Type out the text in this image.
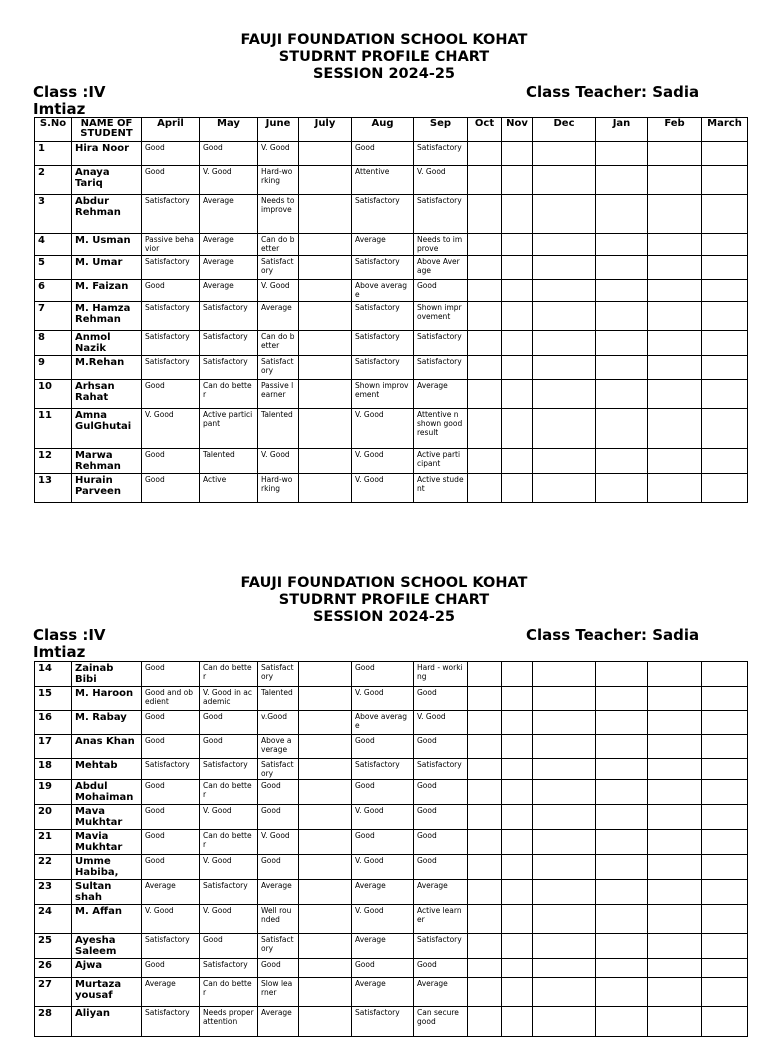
FAUJI FOUNDATION SCHOOL KOHAT
STUDRNT PROFILE CHART
SESSION 2024-25
Class :IV	Class Teacher: Sadia
Imtiaz
S.No	NAME OF STUDENT	April	May	June	July	Aug	Sep	Oct	Nov	Dec	Jan	Feb	March
1	Hira Noor	Good	Good	V. Good		Good	Satisfactory						
2	Anaya Tariq	Good	V. Good	Hard-working		Attentive	V. Good						
3	Abdur Rehman	Satisfactory	Average	Needs to improve		Satisfactory	Satisfactory						
4	M. Usman	Passive behavior	Average	Can do better		Average	Needs to improve						
5	M. Umar	Satisfactory	Average	Satisfactory		Satisfactory	Above Average						
6	M. Faizan	Good	Average	V. Good		Above average	Good						
7	M. Hamza Rehman	Satisfactory	Satisfactory	Average		Satisfactory	Shown improvement						
8	Anmol Nazik	Satisfactory	Satisfactory	Can do better		Satisfactory	Satisfactory						
9	M.Rehan	Satisfactory	Satisfactory	Satisfactory		Satisfactory	Satisfactory						
10	Arhsan Rahat	Good	Can do better	Passive learner		Shown improvement	Average						
11	Amna GulGhutai	V. Good	Active participant	Talented		V. Good	Attentive n shown good result						
12	Marwa Rehman	Good	Talented	V. Good		V. Good	Active participant						
13	Hurain Parveen	Good	Active	Hard-working		V. Good	Active student						
FAUJI FOUNDATION SCHOOL KOHAT
STUDRNT PROFILE CHART
SESSION 2024-25
Class :IV	Class Teacher: Sadia
Imtiaz
14	Zainab Bibi	Good	Can do better	Satisfactory		Good	Hard - working						
15	M. Haroon	Good and obedient	V. Good in academic	Talented		V. Good	Good						
16	M. Rabay	Good	Good	v.Good		Above average	V. Good						
17	Anas Khan	Good	Good	Above average		Good	Good						
18	Mehtab	Satisfactory	Satisfactory	Satisfactory		Satisfactory	Satisfactory						
19	Abdul Mohaiman	Good	Can do better	Good		Good	Good						
20	Mava Mukhtar	Good	V. Good	Good		V. Good	Good						
21	Mavia Mukhtar	Good	Can do better	V. Good		Good	Good						
22	Umme Habiba,	Good	V. Good	Good		V. Good	Good						
23	Sultan shah	Average	Satisfactory	Average		Average	Average						
24	M. Affan	V. Good	V. Good	Well rounded		V. Good	Active learner						
25	Ayesha Saleem	Satisfactory	Good	Satisfactory		Average	Satisfactory						
26	Ajwa	Good	Satisfactory	Good		Good	Good						
27	Murtaza yousaf	Average	Can do better	Slow learner		Average	Average						
28	Aliyan	Satisfactory	Needs proper attention	Average		Satisfactory	Can secure good						
